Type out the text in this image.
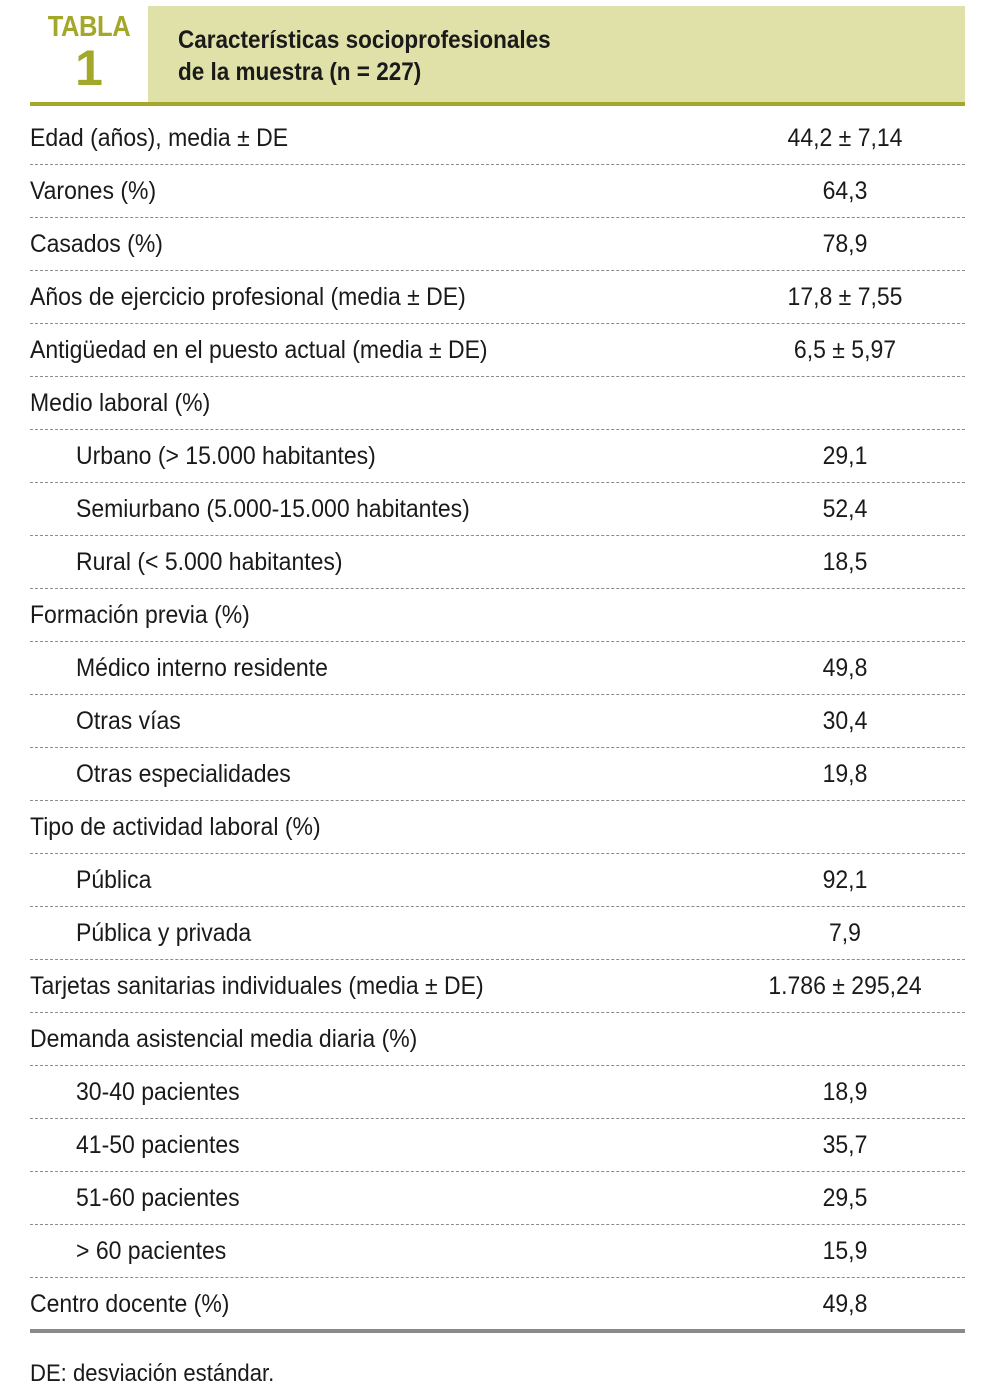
TABLA
1	Características socioprofesionales
de la muestra (n = 227)
Edad (años), media ± DE	44,2 ± 7,14
Varones (%)	64,3
Casados (%)	78,9
Años de ejercicio profesional (media ± DE)	17,8 ± 7,55
Antigüedad en el puesto actual (media ± DE)	6,5 ± 5,97
Medio laboral (%)
Urbano (> 15.000 habitantes)	29,1
Semiurbano (5.000-15.000 habitantes)	52,4
Rural (< 5.000 habitantes)	18,5
Formación previa (%)
Médico interno residente	49,8
Otras vías	30,4
Otras especialidades	19,8
Tipo de actividad laboral (%)
Pública	92,1
Pública y privada	7,9
Tarjetas sanitarias individuales (media ± DE)	1.786 ± 295,24
Demanda asistencial media diaria (%)
30-40 pacientes	18,9
41-50 pacientes	35,7
51-60 pacientes	29,5
> 60 pacientes	15,9
Centro docente (%)	49,8
DE: desviación estándar.
